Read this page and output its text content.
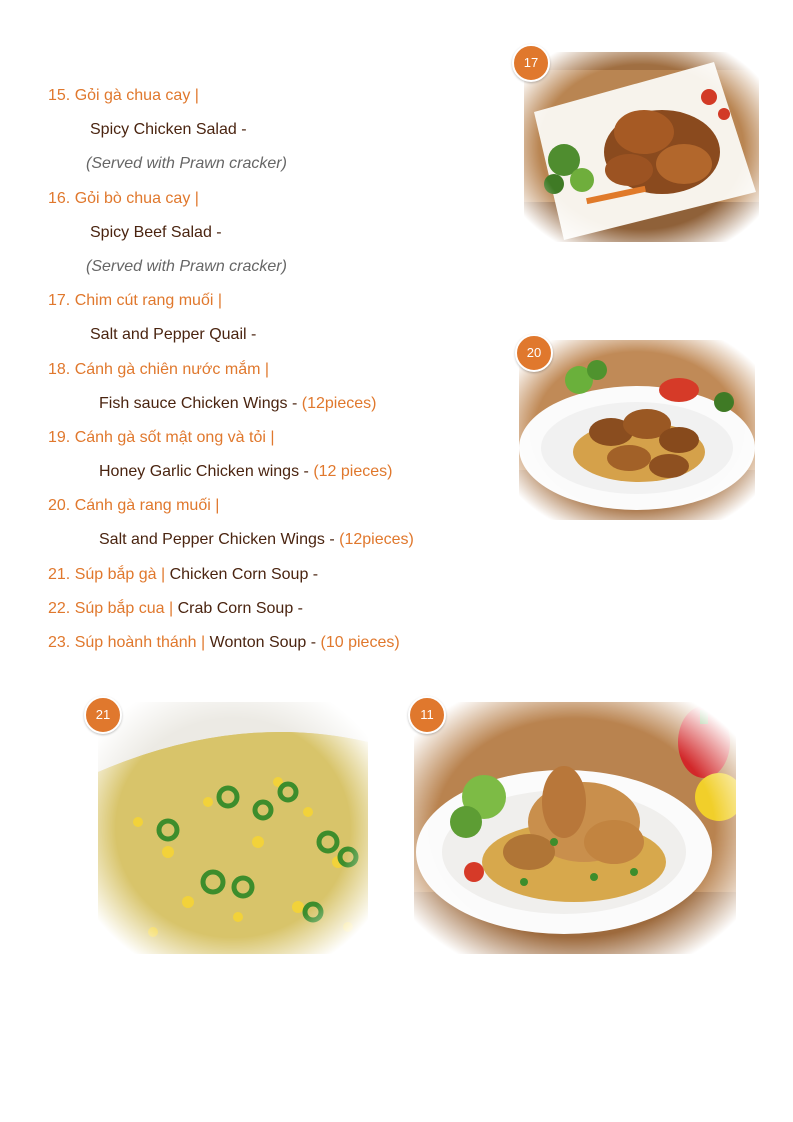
15. Gỏi gà chua cay |
Spicy Chicken Salad -
(Served with Prawn cracker)
16. Gỏi bò chua cay |
Spicy Beef Salad -
(Served with Prawn cracker)
17. Chim cút rang muối |
Salt and Pepper Quail -
18. Cánh gà chiên nước mắm |
Fish sauce Chicken Wings - (12pieces)
19. Cánh gà sốt mật ong và tỏi |
Honey Garlic Chicken wings - (12 pieces)
20. Cánh gà rang muối |
Salt and Pepper Chicken Wings - (12pieces)
21. Súp bắp gà | Chicken Corn Soup -
22. Súp bắp cua | Crab Corn Soup -
23. Súp hoành thánh | Wonton Soup - (10 pieces)
17
20
21	11
